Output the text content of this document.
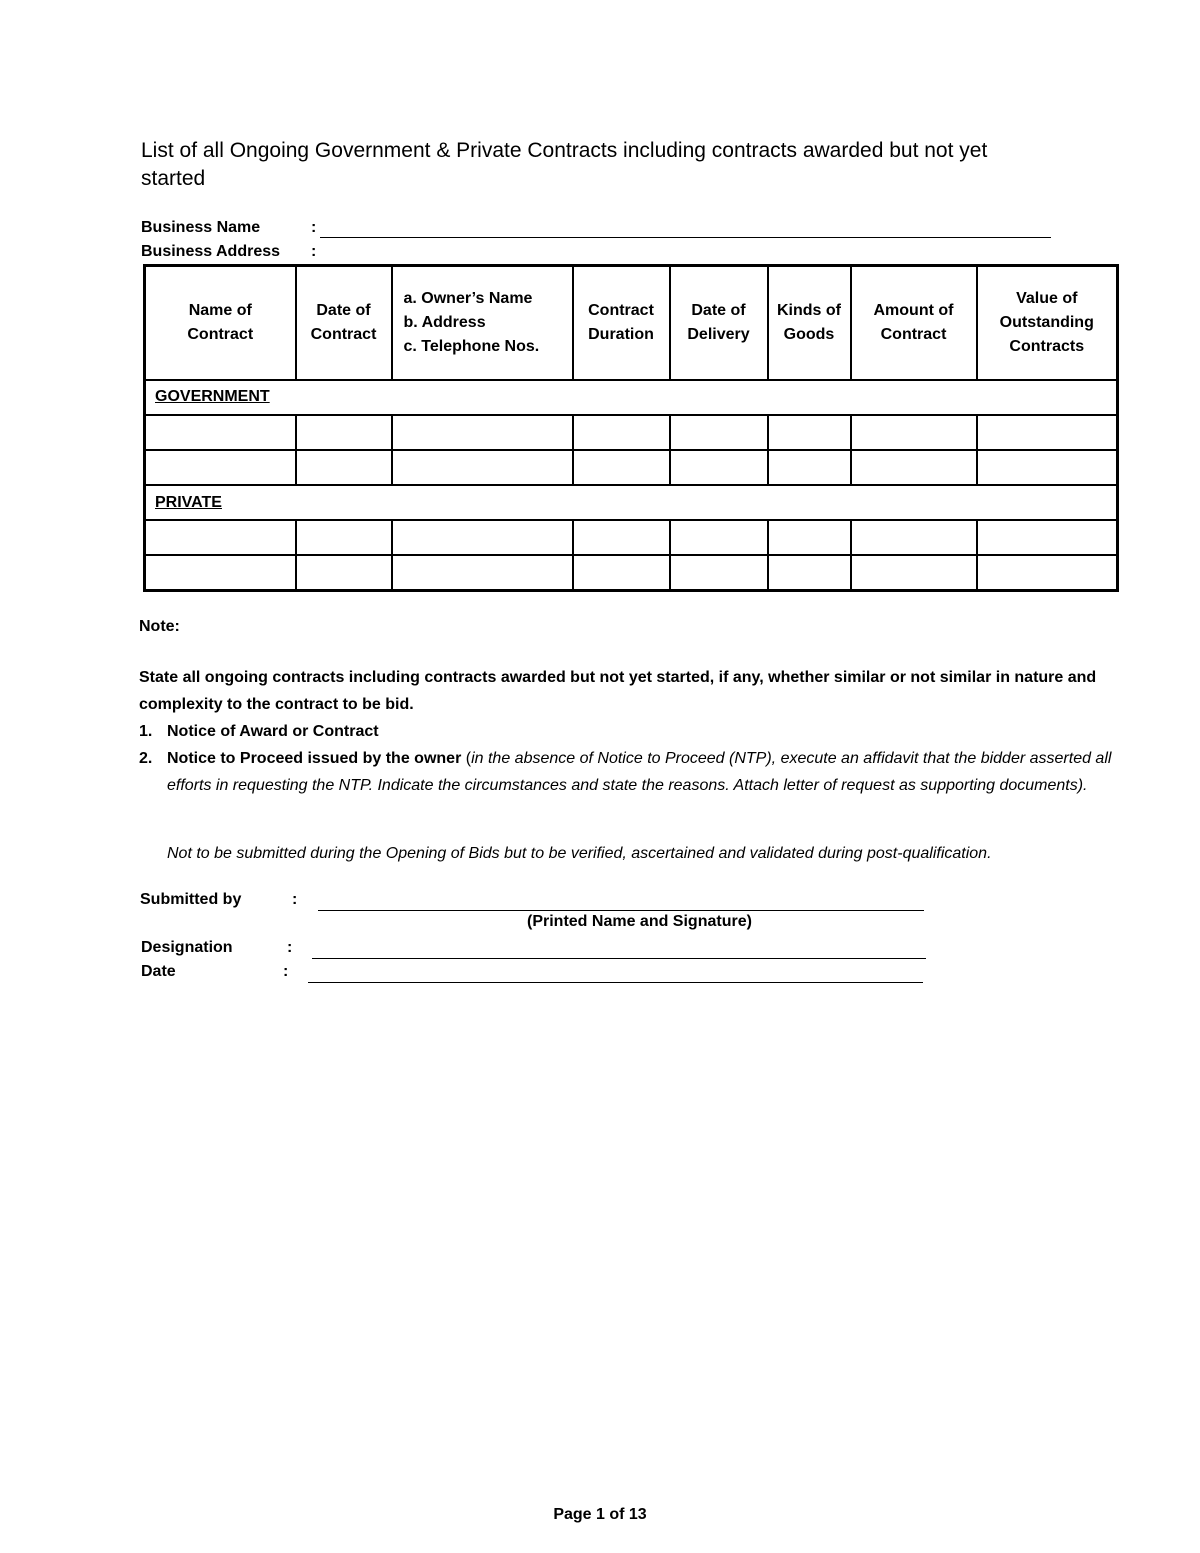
List of all Ongoing Government & Private Contracts including contracts awarded but not yet started
Business Name	:
Business Address :
Name of Contract	Date of Contract	a. Owner’s Name
b. Address
c. Telephone Nos.	Contract Duration	Date of Delivery	Kinds of Goods	Amount of Contract	Value of Outstanding Contracts
GOVERNMENT							

PRIVATE							

Note:
State all ongoing contracts including contracts awarded but not yet started, if any, whether similar or not similar in nature and complexity to the contract to be bid.
1. Notice of Award or Contract
2. Notice to Proceed issued by the owner (in the absence of Notice to Proceed (NTP), execute an affidavit that the bidder asserted all efforts in requesting the NTP. Indicate the circumstances and state the reasons. Attach letter of request as supporting documents).
Not to be submitted during the Opening of Bids but to be verified, ascertained and validated during post-qualification.
Submitted by	:
(Printed Name and Signature)
Designation	:
Date	:
Page 1 of 13
